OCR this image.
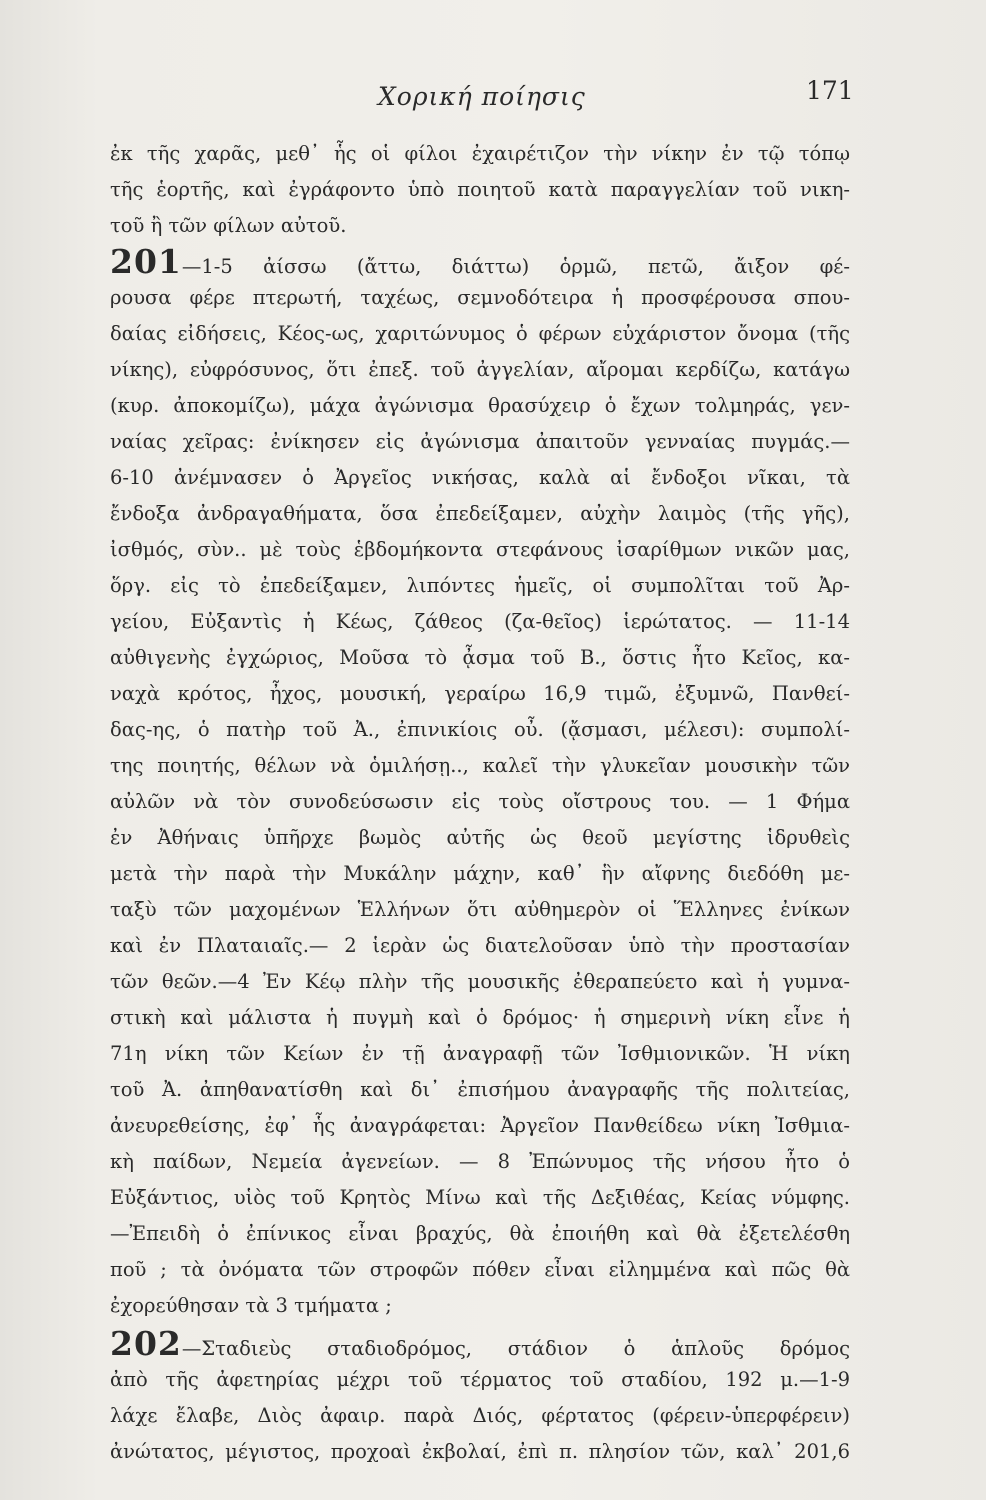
Χορική ποίησις	171
ἐκ τῆς χαρᾶς, μεθ᾽ ἧς οἱ φίλοι ἐχαιρέτιζον τὴν νίκην ἐν τῷ τόπῳ
τῆς ἑορτῆς, καὶ ἐγράφοντο ὑπὸ ποιητοῦ κατὰ παραγγελίαν τοῦ νικη-
τοῦ ἢ τῶν φίλων αὐτοῦ.
201—1-5 ἀίσσω (ἄττω, διάττω) ὁρμῶ, πετῶ, ἄιξον φέ-
ρουσα φέρε πτερωτή, ταχέως, σεμνοδότειρα ἡ προσφέρουσα σπου-
δαίας εἰδήσεις, Κέος-ως, χαριτώνυμος ὁ φέρων εὐχάριστον ὄνομα (τῆς
νίκης), εὐφρόσυνος, ὅτι ἐπεξ. τοῦ ἀγγελίαν, αἴρομαι κερδίζω, κατάγω
(κυρ. ἀποκομίζω), μάχα ἀγώνισμα θρασύχειρ ὁ ἔχων τολμηράς, γεν-
ναίας χεῖρας: ἐνίκησεν εἰς ἀγώνισμα ἀπαιτοῦν γενναίας πυγμάς.—
6-10 ἀνέμνασεν ὁ Ἀργεῖος νικήσας, καλὰ αἱ ἔνδοξοι νῖκαι, τὰ
ἔνδοξα ἀνδραγαθήματα, ὅσα ἐπεδείξαμεν, αὐχὴν λαιμὸς (τῆς γῆς),
ἰσθμός, σὺν.. μὲ τοὺς ἑβδομήκοντα στεφάνους ἰσαρίθμων νικῶν μας,
ὅργ. εἰς τὸ ἐπεδείξαμεν, λιπόντες ἡμεῖς, οἱ συμπολῖται τοῦ Ἀρ-
γείου, Εὐξαντὶς ἡ Κέως, ζάθεος (ζα-θεῖος) ἱερώτατος. — 11-14
αὐθιγενὴς ἐγχώριος, Μοῦσα τὸ ᾆσμα τοῦ Β., ὅστις ἦτο Κεῖος, κα-
ναχὰ κρότος, ἦχος, μουσική, γεραίρω 16,9 τιμῶ, ἐξυμνῶ, Πανθεί-
δας-ης, ὁ πατὴρ τοῦ Ἀ., ἐπινικίοις οὖ. (ᾄσμασι, μέλεσι): συμπολί-
της ποιητής, θέλων νὰ ὁμιλήσῃ.., καλεῖ τὴν γλυκεῖαν μουσικὴν τῶν
αὐλῶν νὰ τὸν συνοδεύσωσιν εἰς τοὺς οἴστρους του. — 1 Φήμα
ἐν Ἀθήναις ὑπῆρχε βωμὸς αὐτῆς ὡς θεοῦ μεγίστης ἱδρυθεὶς
μετὰ τὴν παρὰ τὴν Μυκάλην μάχην, καθ᾽ ἣν αἴφνης διεδόθη με-
ταξὺ τῶν μαχομένων Ἑλλήνων ὅτι αὐθημερὸν οἱ Ἕλληνες ἐνίκων
καὶ ἐν Πλαταιαῖς.— 2 ἱερὰν ὡς διατελοῦσαν ὑπὸ τὴν προστασίαν
τῶν θεῶν.—4 Ἐν Κέῳ πλὴν τῆς μουσικῆς ἐθεραπεύετο καὶ ἡ γυμνα-
στικὴ καὶ μάλιστα ἡ πυγμὴ καὶ ὁ δρόμος· ἡ σημερινὴ νίκη εἶνε ἡ
71η νίκη τῶν Κείων ἐν τῇ ἀναγραφῇ τῶν Ἰσθμιονικῶν. Ἡ νίκη
τοῦ Ἀ. ἀπηθανατίσθη καὶ δι᾽ ἐπισήμου ἀναγραφῆς τῆς πολιτείας,
ἀνευρεθείσης, ἐφ᾽ ἧς ἀναγράφεται: Ἀργεῖον Πανθείδεω νίκη Ἰσθμια-
κὴ παίδων, Νεμεία ἀγενείων. — 8 Ἐπώνυμος τῆς νήσου ἦτο ὁ
Εὐξάντιος, υἱὸς τοῦ Κρητὸς Μίνω καὶ τῆς Δεξιθέας, Κείας νύμφης.
—Ἐπειδὴ ὁ ἐπίνικος εἶναι βραχύς, θὰ ἐποιήθη καὶ θὰ ἐξετελέσθη
ποῦ ; τὰ ὀνόματα τῶν στροφῶν πόθεν εἶναι εἰλημμένα καὶ πῶς θὰ
ἐχορεύθησαν τὰ 3 τμήματα ;
202—Σταδιεὺς σταδιοδρόμος, στάδιον ὁ ἁπλοῦς δρόμος
ἀπὸ τῆς ἀφετηρίας μέχρι τοῦ τέρματος τοῦ σταδίου, 192 μ.—1-9
λάχε ἔλαβε, Διὸς ἀφαιρ. παρὰ Διός, φέρτατος (φέρειν-ὑπερφέρειν)
ἀνώτατος, μέγιστος, προχοαὶ ἐκβολαί, ἐπὶ π. πλησίον τῶν, καλ᾽ 201,6
